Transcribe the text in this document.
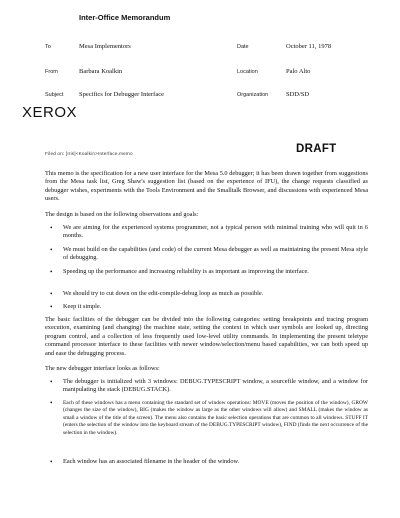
Inter-Office Memorandum
To	Mesa Implementors	Date	October 11, 1978
From	Barbara Koalkin	Location	Palo Alto
Subject Specifics for Debugger Interface	Organization	SDD/SD
XEROX
Filed on: [Iris]<Koalkin>Interface.memo	DRAFT
This memo is the specification for a new user interface for the Mesa 5.0 debugger; it has been drawn together from suggestions from the Mesa task list, Greg Shaw's suggestion list (based on the experience of IFU), the change requests classified as debugger wishes, experiments with the Tools Environment and the Smalltalk Browser, and discussions with experienced Mesa users.
The design is based on the following observations and goals:
• We are aiming for the experienced systems programmer, not a typical person with minimal training who will quit in 6 months.
• We must build on the capabilities (and code) of the current Mesa debugger as well as maintaining the present Mesa style of debugging.
• Speeding up the performance and increasing reliability is as important as improving the interface.
• We should try to cut down on the edit-compile-debug loop as much as possible.
• Keep it simple.
The basic facilities of the debugger can be divided into the following categories: setting breakpoints and tracing program execution, examining (and changing) the machine state, setting the context in which user symbols are looked up, directing program control, and a collection of less frequently used low-level utility commands. In implementing the present teletype command processor interface to these facilities with newer window/selection/menu based capabilities, we can both speed up and ease the debugging process.
The new debugger interface looks as follows:
• The debugger is initialized with 3 windows: DEBUG.TYPESCRIPT window, a sourcefile window, and a window for manipulating the stack (DEBUG.STACK).
• Each of these windows has a menu containing the standard set of window operations: MOVE (moves the position of the window), GROW (changes the size of the window), BIG (makes the window as large as the other windows will allow) and SMALL (makes the window as small a window of the title of the screen). The menu also contains the basic selection operations that are common to all windows. STUFF IT (enters the selection of the window into the keyboard stream of the DEBUG.TYPESCRIPT window), FIND (finds the next occurrence of the selection in the window).
• Each window has an associated filename in the header of the window.
